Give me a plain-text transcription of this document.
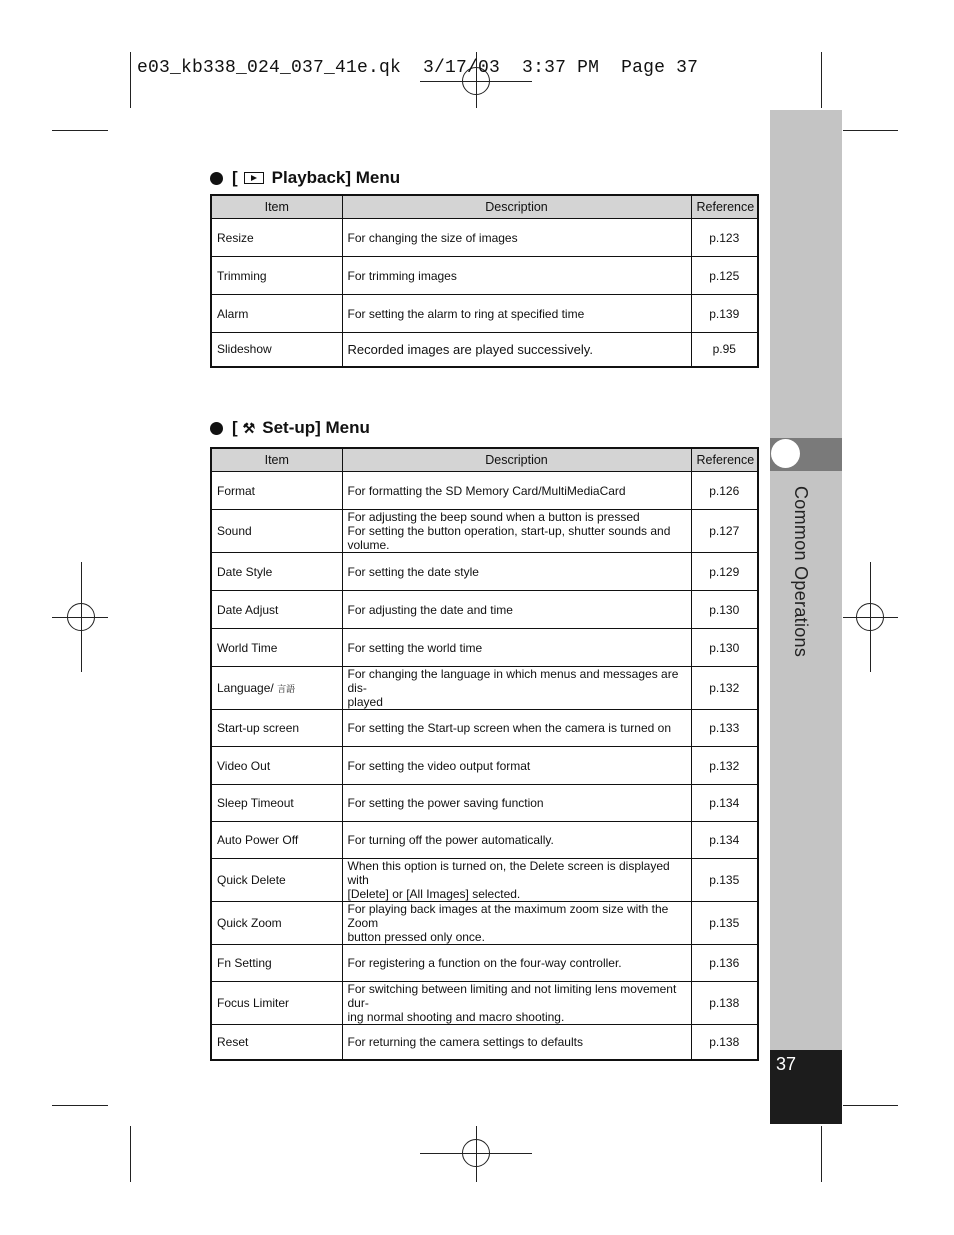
e03_kb338_024_037_41e.qk  3/17/03  3:37 PM  Page 37
Common Operations
37
[ Playback] Menu
Item	Description	Reference
Resize	For changing the size of images	p.123
Trimming	For trimming images	p.125
Alarm	For setting the alarm to ring at specified time	p.139
Slideshow	Recorded images are played successively.	p.95
[ ⚒ Set-up] Menu
Item	Description	Reference
Format	For formatting the SD Memory Card/MultiMediaCard	p.126
Sound	For adjusting the beep sound when a button is pressed
For setting the button operation, start-up, shutter sounds and volume.	p.127
Date Style	For setting the date style	p.129
Date Adjust	For adjusting the date and time	p.130
World Time	For setting the world time	p.130
Language/ 言語	For changing the language in which menus and messages are dis-
played	p.132
Start-up screen	For setting the Start-up screen when the camera is turned on	p.133
Video Out	For setting the video output format	p.132
Sleep Timeout	For setting the power saving function	p.134
Auto Power Off	For turning off the power automatically.	p.134
Quick Delete	When this option is turned on, the Delete screen is displayed with
[Delete] or [All Images] selected.	p.135
Quick Zoom	For playing back images at the maximum zoom size with the Zoom
button pressed only once.	p.135
Fn Setting	For registering a function on the four-way controller.	p.136
Focus Limiter	For switching between limiting and not limiting lens movement dur-
ing normal shooting and macro shooting.	p.138
Reset	For returning the camera settings to defaults	p.138
